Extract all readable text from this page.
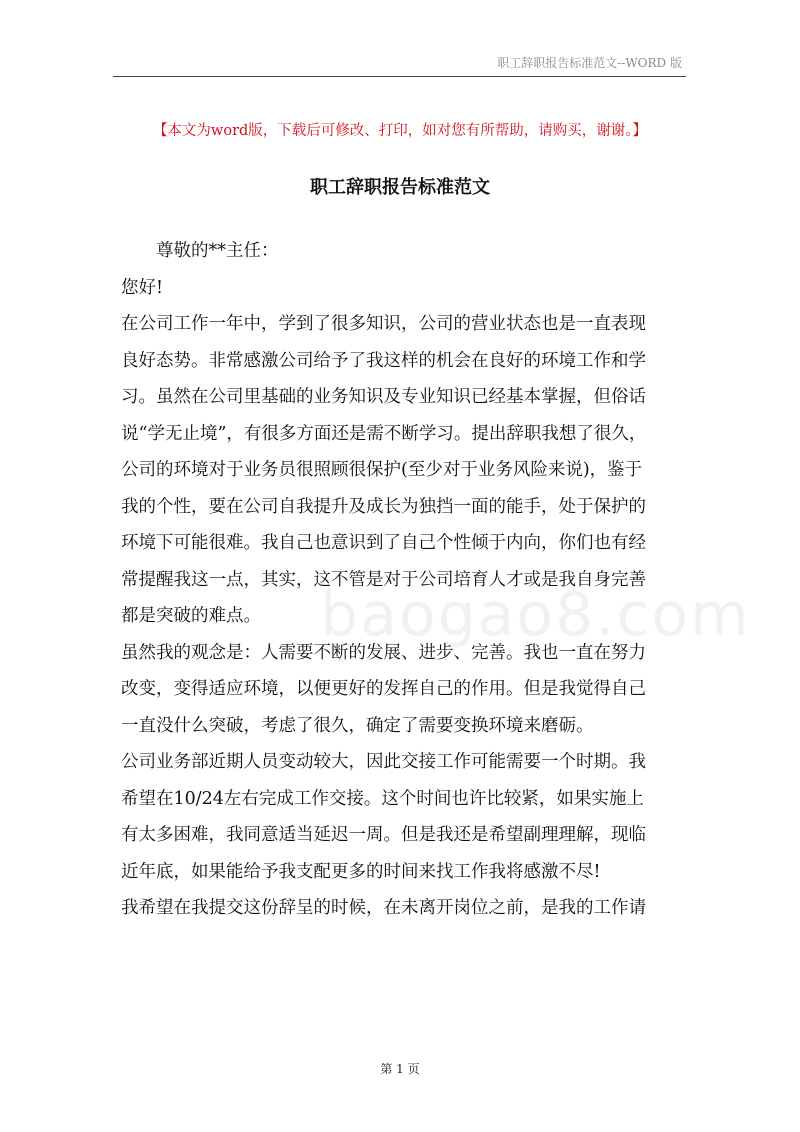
职工辞职报告标准范文--WORD 版
【本文为word版，下载后可修改、打印，如对您有所帮助，请购买，谢谢。】
职工辞职报告标准范文
baogao8.com
尊敬的**主任：
您好!
在公司工作一年中，学到了很多知识，公司的营业状态也是一直表现
良好态势。非常感激公司给予了我这样的机会在良好的环境工作和学
习。虽然在公司里基础的业务知识及专业知识已经基本掌握，但俗话
说“学无止境”，有很多方面还是需不断学习。提出辞职我想了很久，
公司的环境对于业务员很照顾很保护(至少对于业务风险来说)，鉴于
我的个性，要在公司自我提升及成长为独挡一面的能手，处于保护的
环境下可能很难。我自己也意识到了自己个性倾于内向，你们也有经
常提醒我这一点，其实，这不管是对于公司培育人才或是我自身完善
都是突破的难点。
虽然我的观念是：人需要不断的发展、进步、完善。我也一直在努力
改变，变得适应环境，以便更好的发挥自己的作用。但是我觉得自己
一直没什么突破，考虑了很久，确定了需要变换环境来磨砺。
公司业务部近期人员变动较大，因此交接工作可能需要一个时期。我
希望在10/24左右完成工作交接。这个时间也许比较紧，如果实施上
有太多困难，我同意适当延迟一周。但是我还是希望副理理解，现临
近年底，如果能给予我支配更多的时间来找工作我将感激不尽!
我希望在我提交这份辞呈的时候，在未离开岗位之前，是我的工作请
第 1 页
